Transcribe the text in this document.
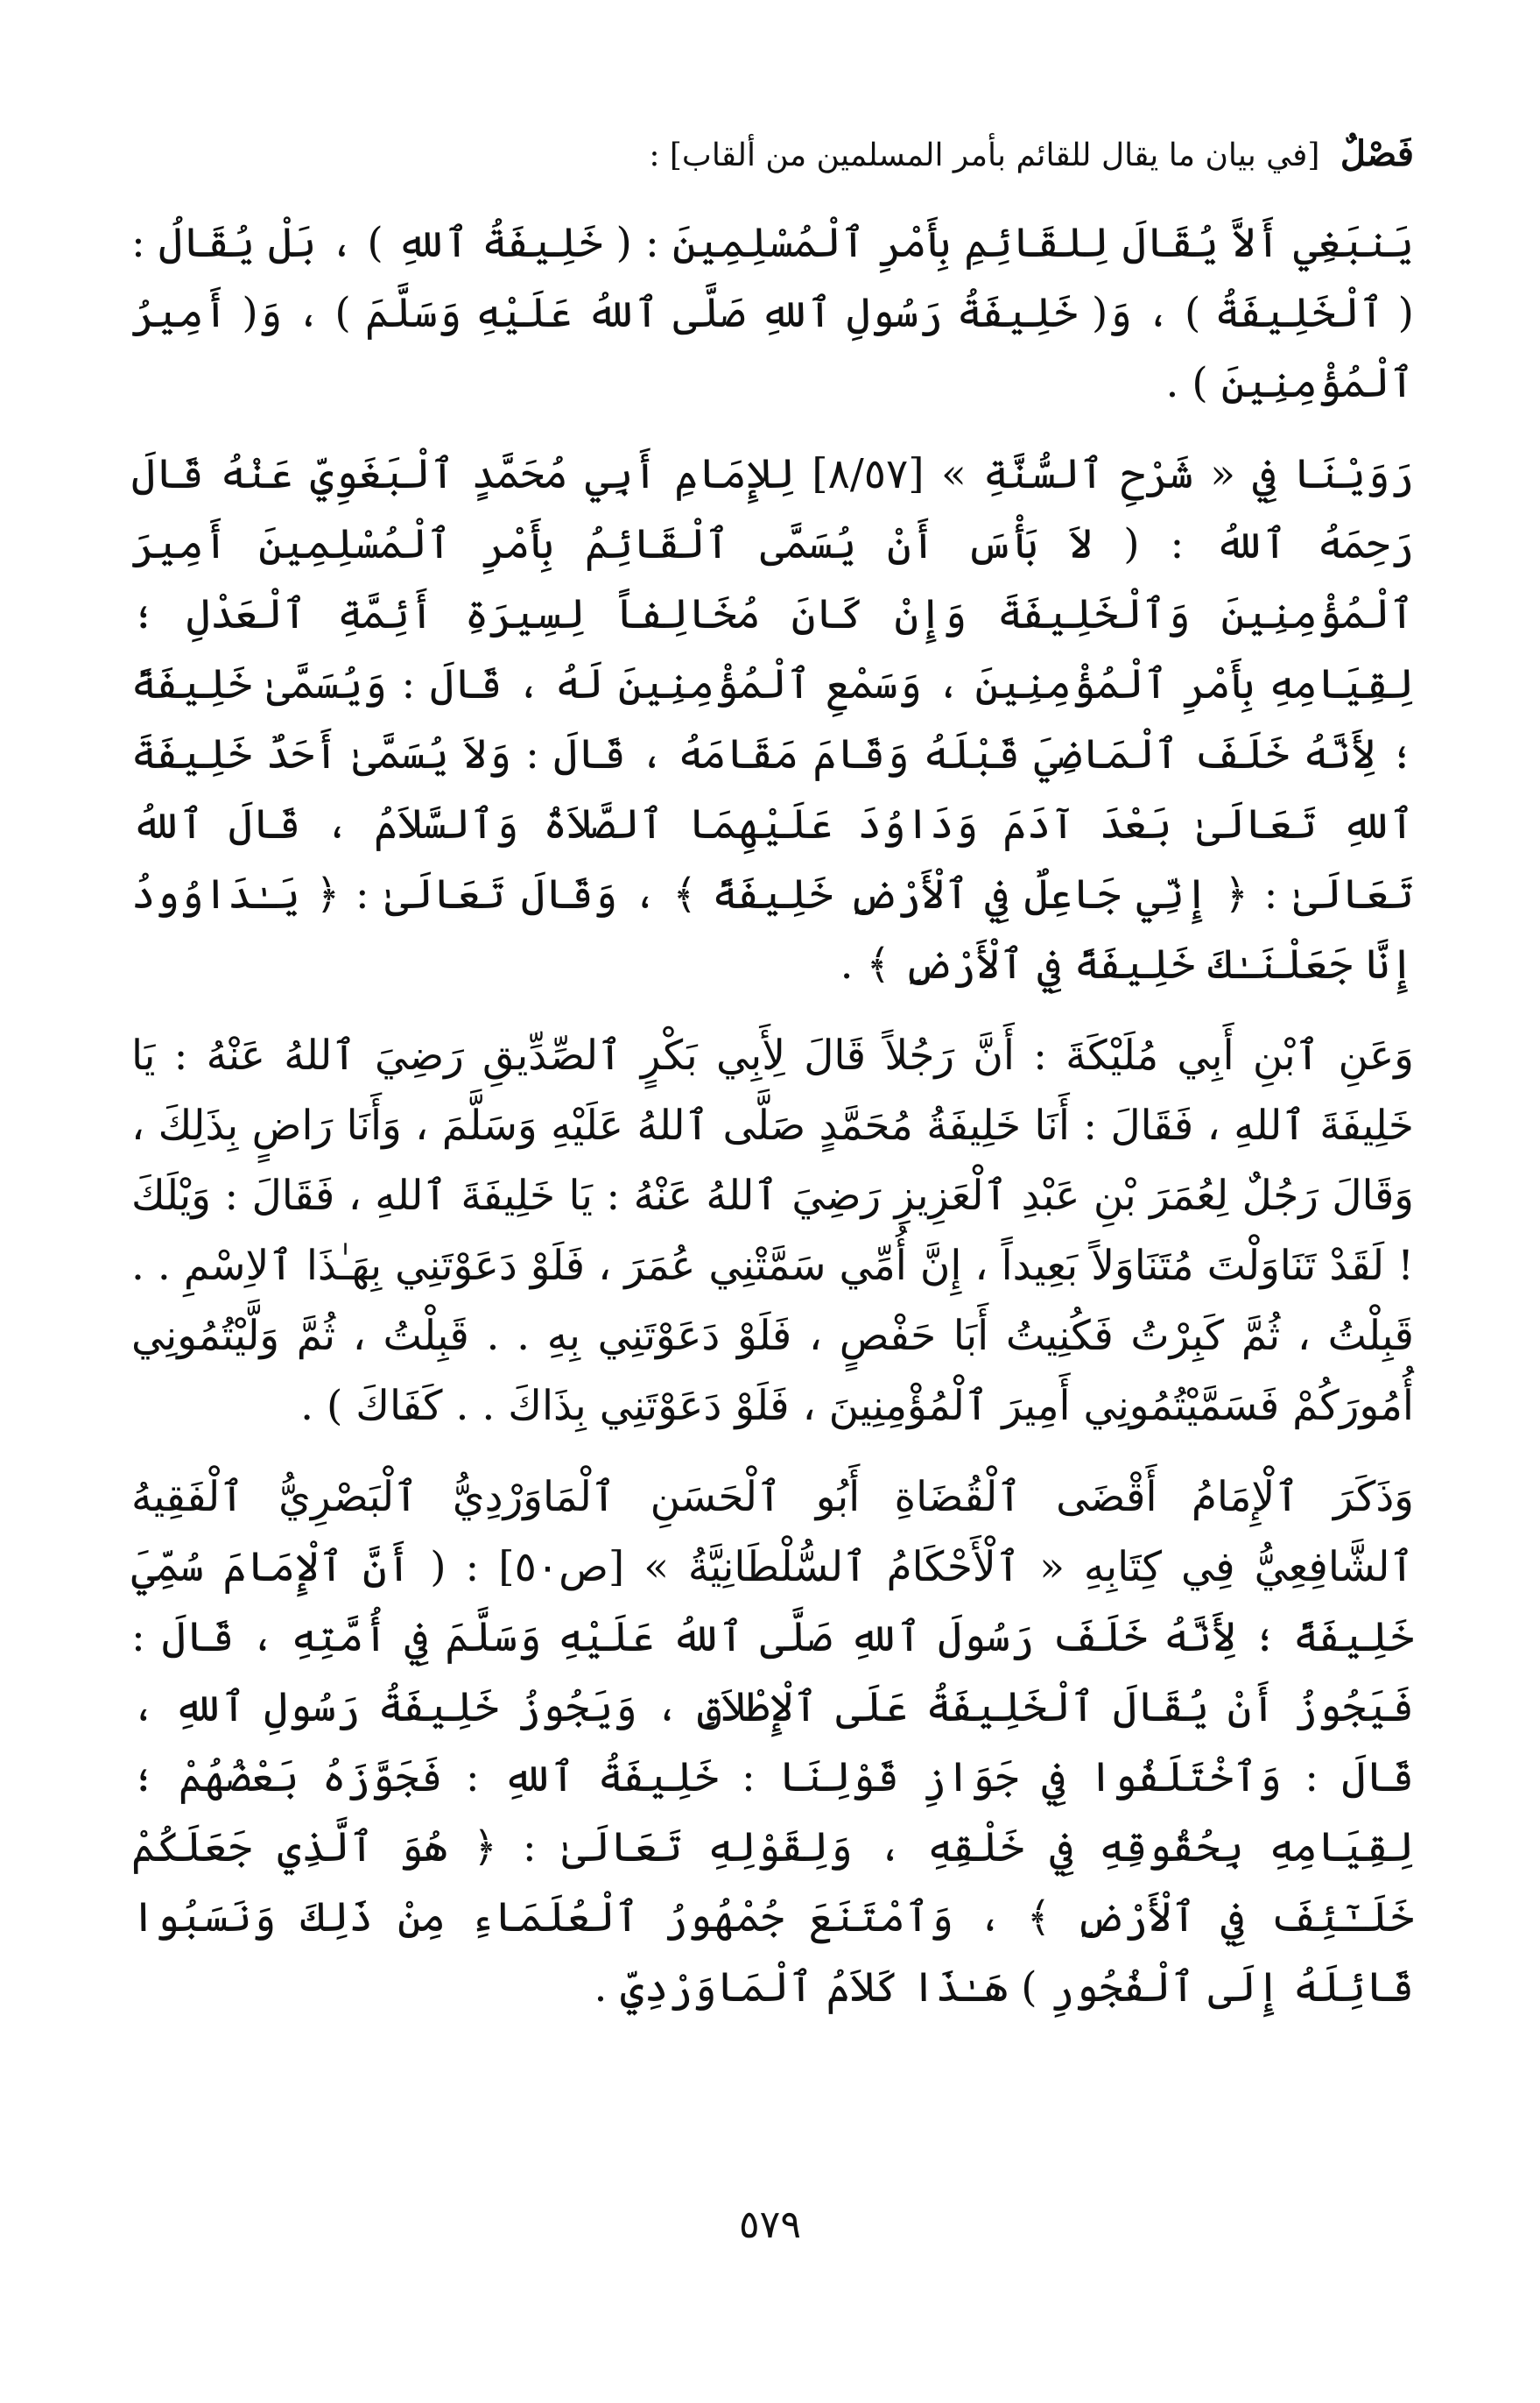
فَصْلٌ [في بيان ما يقال للقائم بأمر المسلمين من ألقاب] :

يَنبَغِي أَلاَّ يُقَالَ لِلقَائِمِ بِأَمْرِ ٱلْمُسْلِمِينَ : ( خَلِيفَةُ ٱللهِ ) ، بَلْ يُقَالُ : ( ٱلْخَلِيفَةُ ) ، وَ( خَلِيفَةُ رَسُولِ ٱللهِ صَلَّى ٱللهُ عَلَيْهِ وَسَلَّمَ ) ، وَ( أَمِيرُ ٱلْمُؤْمِنِينَ ) .

رَوَيْنَا فِي « شَرْحِ ٱلسُّنَّةِ » [٨/٥٧] لِلإِمَامِ أَبِي مُحَمَّدٍ ٱلْبَغَوِيِّ عَنْهُ قَالَ رَحِمَهُ ٱللهُ : ( لاَ بَأْسَ أَنْ يُسَمَّى ٱلْقَائِمُ بِأَمْرِ ٱلْمُسْلِمِينَ أَمِيرَ ٱلْمُؤْمِنِينَ وَٱلْخَلِيفَةَ وَإِنْ كَانَ مُخَالِفاً لِسِيرَةِ أَئِمَّةِ ٱلْعَدْلِ ؛ لِقِيَامِهِ بِأَمْرِ ٱلْمُؤْمِنِينَ ، وَسَمْعِ ٱلْمُؤْمِنِينَ لَهُ ، قَالَ : وَيُسَمَّىٰ خَلِيفَةً ؛ لِأَنَّهُ خَلَفَ ٱلْمَاضِيَ قَبْلَهُ وَقَامَ مَقَامَهُ ، قَالَ : وَلاَ يُسَمَّىٰ أَحَدٌ خَلِيفَةَ ٱللهِ تَعَالَىٰ بَعْدَ آدَمَ وَدَاوُدَ عَلَيْهِمَا ٱلصَّلاَةُ وَٱلسَّلاَمُ ، قَالَ ٱللهُ تَعَالَىٰ : ﴿ إِنِّي جَاعِلٌ فِي ٱلْأَرْضِ خَلِيفَةً ﴾ ، وَقَالَ تَعَالَىٰ : ﴿ يَـٰدَاوُودُ إِنَّا جَعَلْنَـٰكَ خَلِيفَةً فِي ٱلْأَرْضِ ﴾ .

وَعَنِ ٱبْنِ أَبِي مُلَيْكَةَ : أَنَّ رَجُلاً قَالَ لِأَبِي بَكْرٍ ٱلصِّدِّيقِ رَضِيَ ٱللهُ عَنْهُ : يَا خَلِيفَةَ ٱللهِ ، فَقَالَ : أَنَا خَلِيفَةُ مُحَمَّدٍ صَلَّى ٱللهُ عَلَيْهِ وَسَلَّمَ ، وَأَنَا رَاضٍ بِذَلِكَ ، وَقَالَ رَجُلٌ لِعُمَرَ بْنِ عَبْدِ ٱلْعَزِيزِ رَضِيَ ٱللهُ عَنْهُ : يَا خَلِيفَةَ ٱللهِ ، فَقَالَ : وَيْلَكَ ! لَقَدْ تَنَاوَلْتَ مُتَنَاوَلاً بَعِيداً ، إِنَّ أُمِّي سَمَّتْنِي عُمَرَ ، فَلَوْ دَعَوْتَنِي بِهَـٰذَا ٱلاِسْمِ . . قَبِلْتُ ، ثُمَّ كَبِرْتُ فَكُنِيتُ أَبَا حَفْصٍ ، فَلَوْ دَعَوْتَنِي بِهِ . . قَبِلْتُ ، ثُمَّ وَلَّيْتُمُونِي أُمُورَكُمْ فَسَمَّيْتُمُونِي أَمِيرَ ٱلْمُؤْمِنِينَ ، فَلَوْ دَعَوْتَنِي بِذَاكَ . . كَفَاكَ ) .

وَذَكَرَ ٱلْإِمَامُ أَقْضَى ٱلْقُضَاةِ أَبُو ٱلْحَسَنِ ٱلْمَاوَرْدِيُّ ٱلْبَصْرِيُّ ٱلْفَقِيهُ ٱلشَّافِعِيُّ فِي كِتَابِهِ « ٱلْأَحْكَامُ ٱلسُّلْطَانِيَّةُ » [ص٥٠] : ( أَنَّ ٱلْإِمَامَ سُمِّيَ خَلِيفَةً ؛ لِأَنَّهُ خَلَفَ رَسُولَ ٱللهِ صَلَّى ٱللهُ عَلَيْهِ وَسَلَّمَ فِي أُمَّتِهِ ، قَالَ : فَيَجُوزُ أَنْ يُقَالَ ٱلْخَلِيفَةُ عَلَى ٱلْإِطْلاَقِ ، وَيَجُوزُ خَلِيفَةُ رَسُولِ ٱللهِ ، قَالَ : وَٱخْتَلَفُوا فِي جَوَازِ قَوْلِنَا : خَلِيفَةُ ٱللهِ : فَجَوَّزَهُ بَعْضُهُمْ ؛ لِقِيَامِهِ بِحُقُوقِهِ فِي خَلْقِهِ ، وَلِقَوْلِهِ تَعَالَىٰ : ﴿ هُوَ ٱلَّذِي جَعَلَكُمْ خَلَـٰٓئِفَ فِي ٱلْأَرْضِ ﴾ ، وَٱمْتَنَعَ جُمْهُورُ ٱلْعُلَمَاءِ مِنْ ذَلِكَ وَنَسَبُوا قَائِلَهُ إِلَى ٱلْفُجُورِ ) هَـٰذَا كَلاَمُ ٱلْمَاوَرْدِيِّ .

٥٧٩
